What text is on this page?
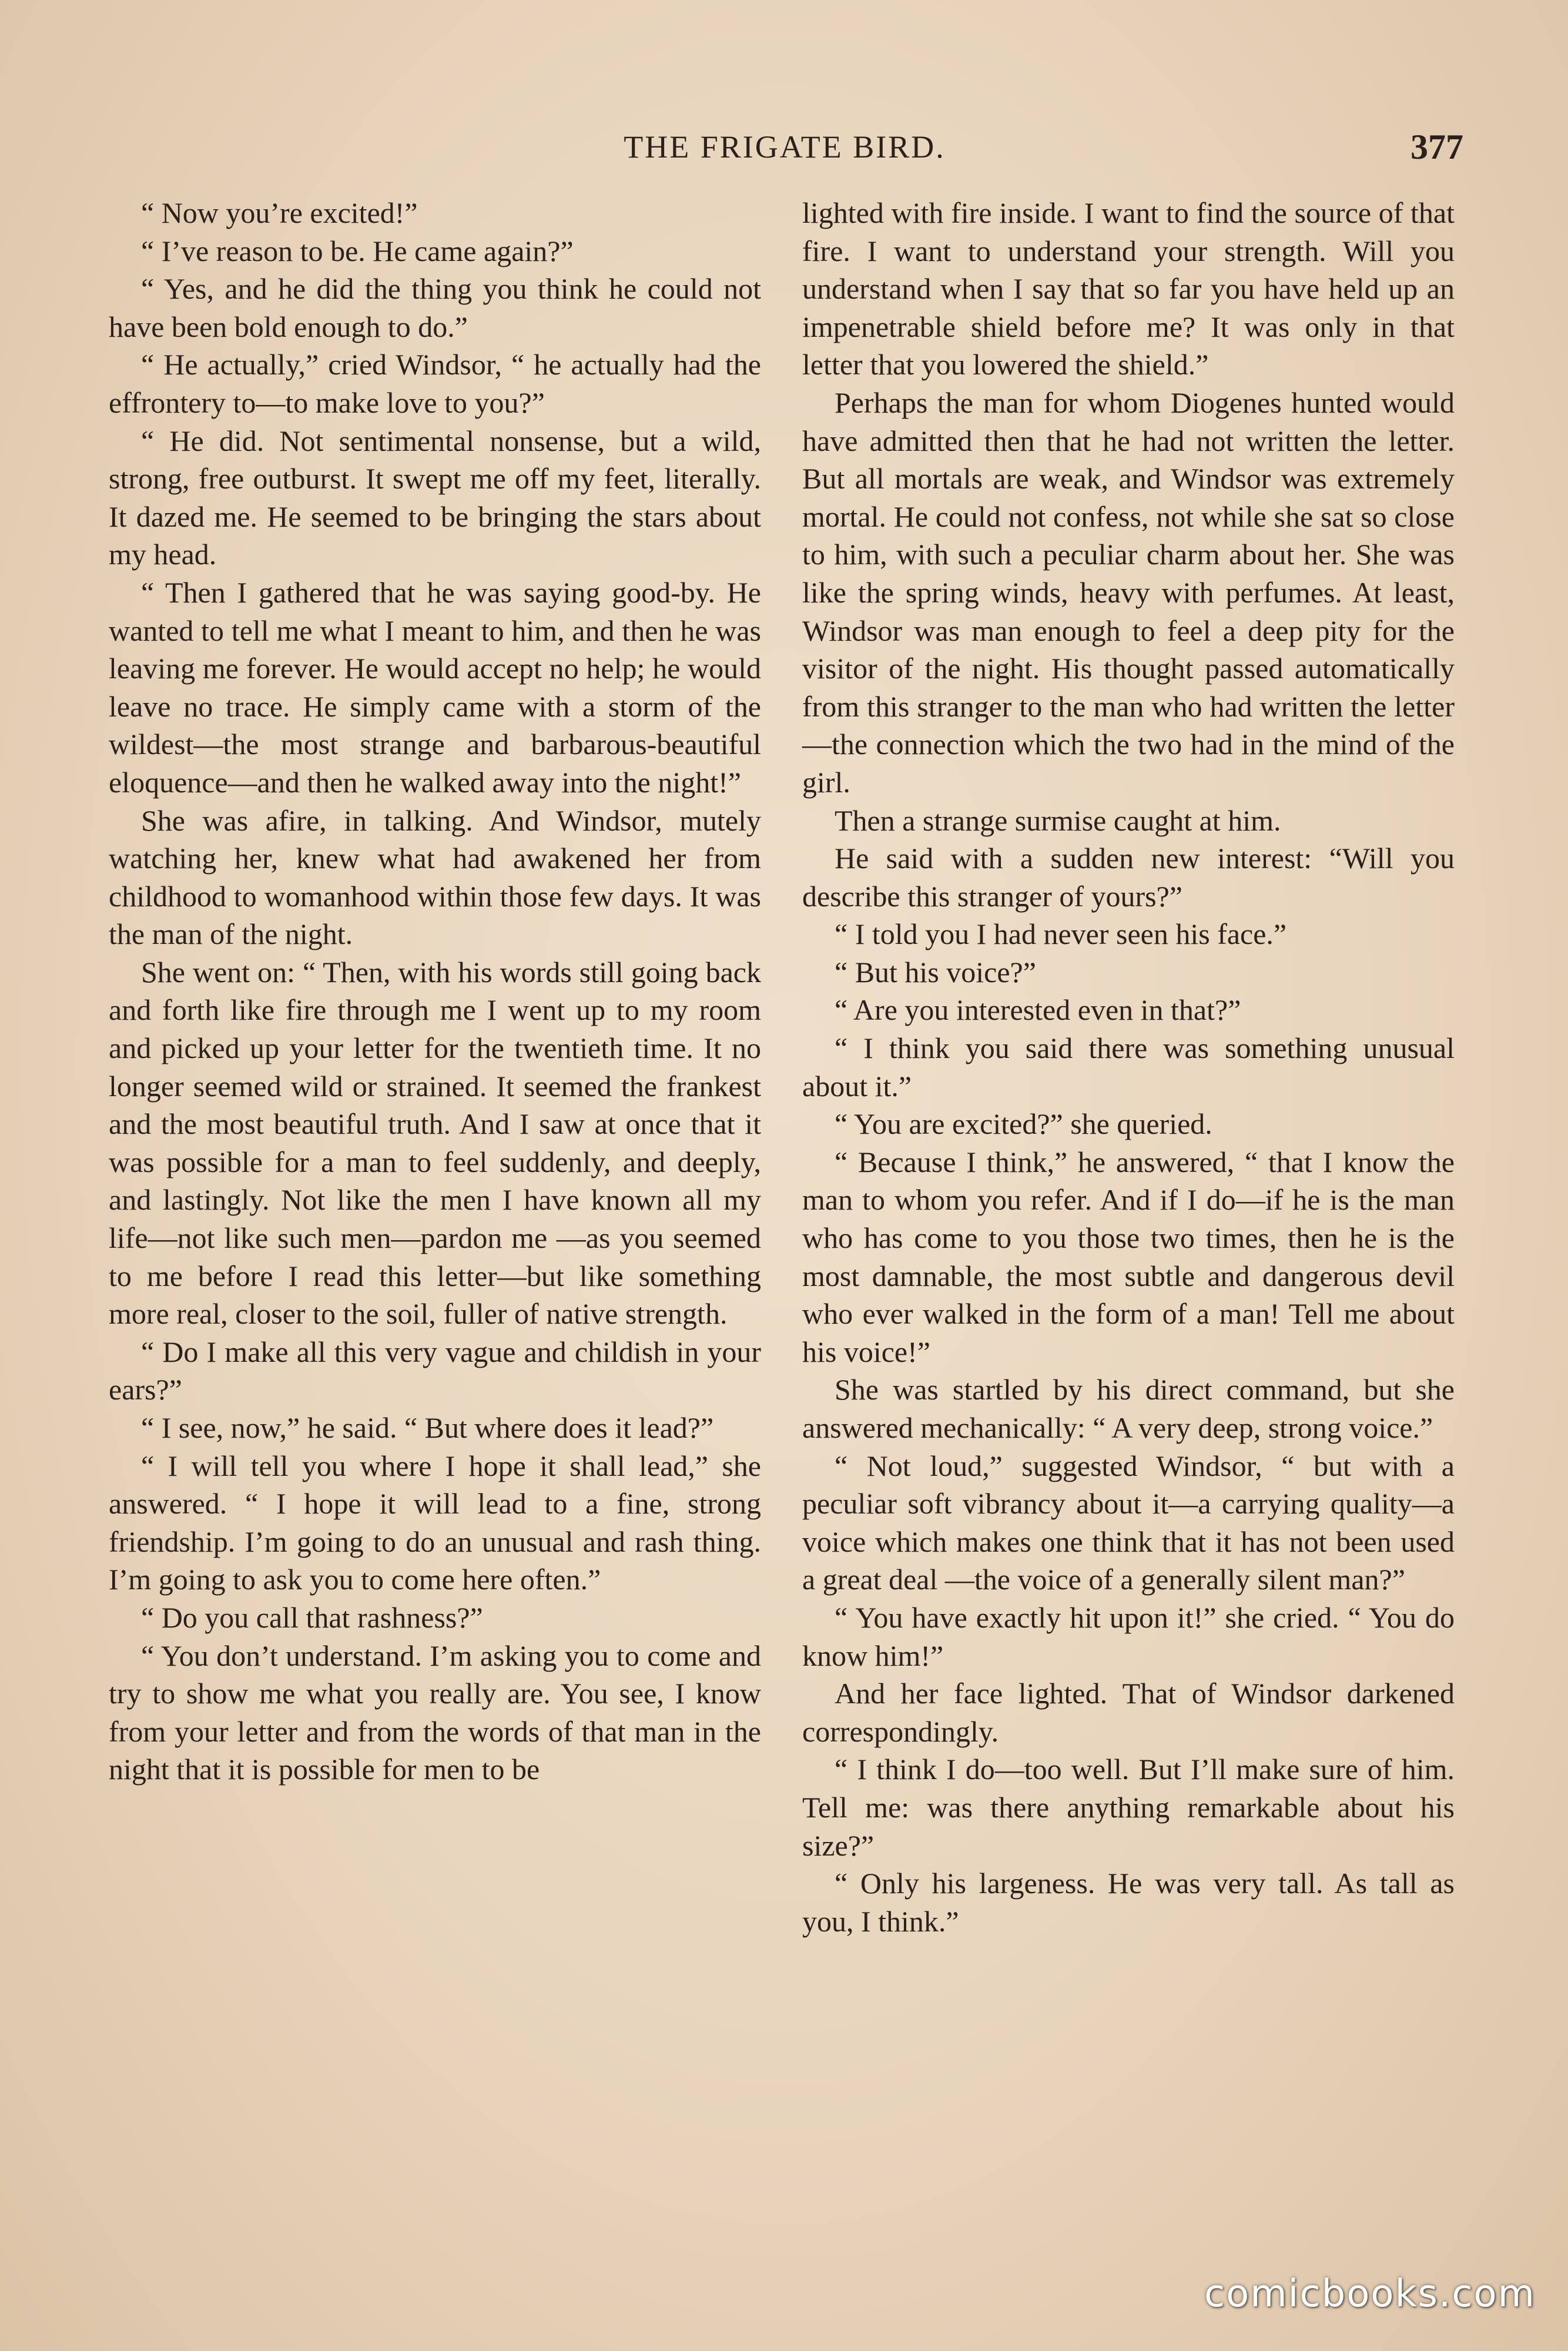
THE FRIGATE BIRD.	377

“ Now you’re excited!”

“ I’ve reason to be. He came again?”

“ Yes, and he did the thing you think he could not have been bold enough to do.”

“ He actually,” cried Windsor, “ he actually had the effrontery to—to make love to you?”

“ He did. Not sentimental nonsense, but a wild, strong, free outburst. It swept me off my feet, literally. It dazed me. He seemed to be bringing the stars about my head.

“ Then I gathered that he was saying good-by. He wanted to tell me what I meant to him, and then he was leaving me forever. He would accept no help; he would leave no trace. He simply came with a storm of the wildest—the most strange and barbarous-beautiful eloquence—and then he walked away into the night!”

She was afire, in talking. And Windsor, mutely watching her, knew what had awakened her from childhood to womanhood within those few days. It was the man of the night.

She went on: “ Then, with his words still going back and forth like fire through me I went up to my room and picked up your letter for the twentieth time. It no longer seemed wild or strained. It seemed the frankest and the most beautiful truth. And I saw at once that it was possible for a man to feel suddenly, and deeply, and lastingly. Not like the men I have known all my life—not like such men—pardon me —as you seemed to me before I read this letter—but like something more real, closer to the soil, fuller of native strength.

“ Do I make all this very vague and childish in your ears?”

“ I see, now,” he said. “ But where does it lead?”

“ I will tell you where I hope it shall lead,” she answered. “ I hope it will lead to a fine, strong friendship. I’m going to do an unusual and rash thing. I’m going to ask you to come here often.”

“ Do you call that rashness?”

“ You don’t understand. I’m asking you to come and try to show me what you really are. You see, I know from your letter and from the words of that man in the night that it is possible for men to be

lighted with fire inside. I want to find the source of that fire. I want to understand your strength. Will you understand when I say that so far you have held up an impenetrable shield before me? It was only in that letter that you lowered the shield.”

Perhaps the man for whom Diogenes hunted would have admitted then that he had not written the letter. But all mortals are weak, and Windsor was extremely mortal. He could not confess, not while she sat so close to him, with such a peculiar charm about her. She was like the spring winds, heavy with perfumes. At least, Windsor was man enough to feel a deep pity for the visitor of the night. His thought passed automatically from this stranger to the man who had written the letter—the connection which the two had in the mind of the girl.

Then a strange surmise caught at him.

He said with a sudden new interest: “Will you describe this stranger of yours?”

“ I told you I had never seen his face.”

“ But his voice?”

“ Are you interested even in that?”

“ I think you said there was something unusual about it.”

“ You are excited?” she queried.

“ Because I think,” he answered, “ that I know the man to whom you refer. And if I do—if he is the man who has come to you those two times, then he is the most damnable, the most subtle and dangerous devil who ever walked in the form of a man! Tell me about his voice!”

She was startled by his direct command, but she answered mechanically: “ A very deep, strong voice.”

“ Not loud,” suggested Windsor, “ but with a peculiar soft vibrancy about it—a carrying quality—a voice which makes one think that it has not been used a great deal —the voice of a generally silent man?”

“ You have exactly hit upon it!” she cried. “ You do know him!”

And her face lighted. That of Windsor darkened correspondingly.

“ I think I do—too well. But I’ll make sure of him. Tell me: was there anything remarkable about his size?”

“ Only his largeness. He was very tall. As tall as you, I think.”

comicbooks.com
